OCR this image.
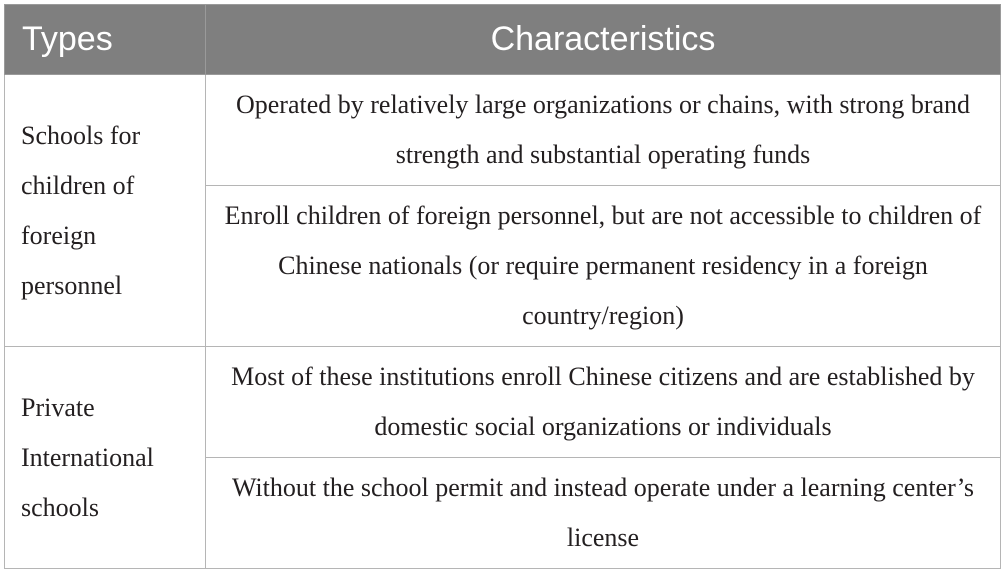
Types	Characteristics
Schools for children of foreign personnel	Operated by relatively large organizations or chains, with strong brand strength and substantial operating funds
	Enroll children of foreign personnel, but are not accessible to children of Chinese nationals (or require permanent residency in a foreign country/region)
Private International schools	Most of these institutions enroll Chinese citizens and are established by domestic social organizations or individuals
	Without the school permit and instead operate under a learning center’s license
